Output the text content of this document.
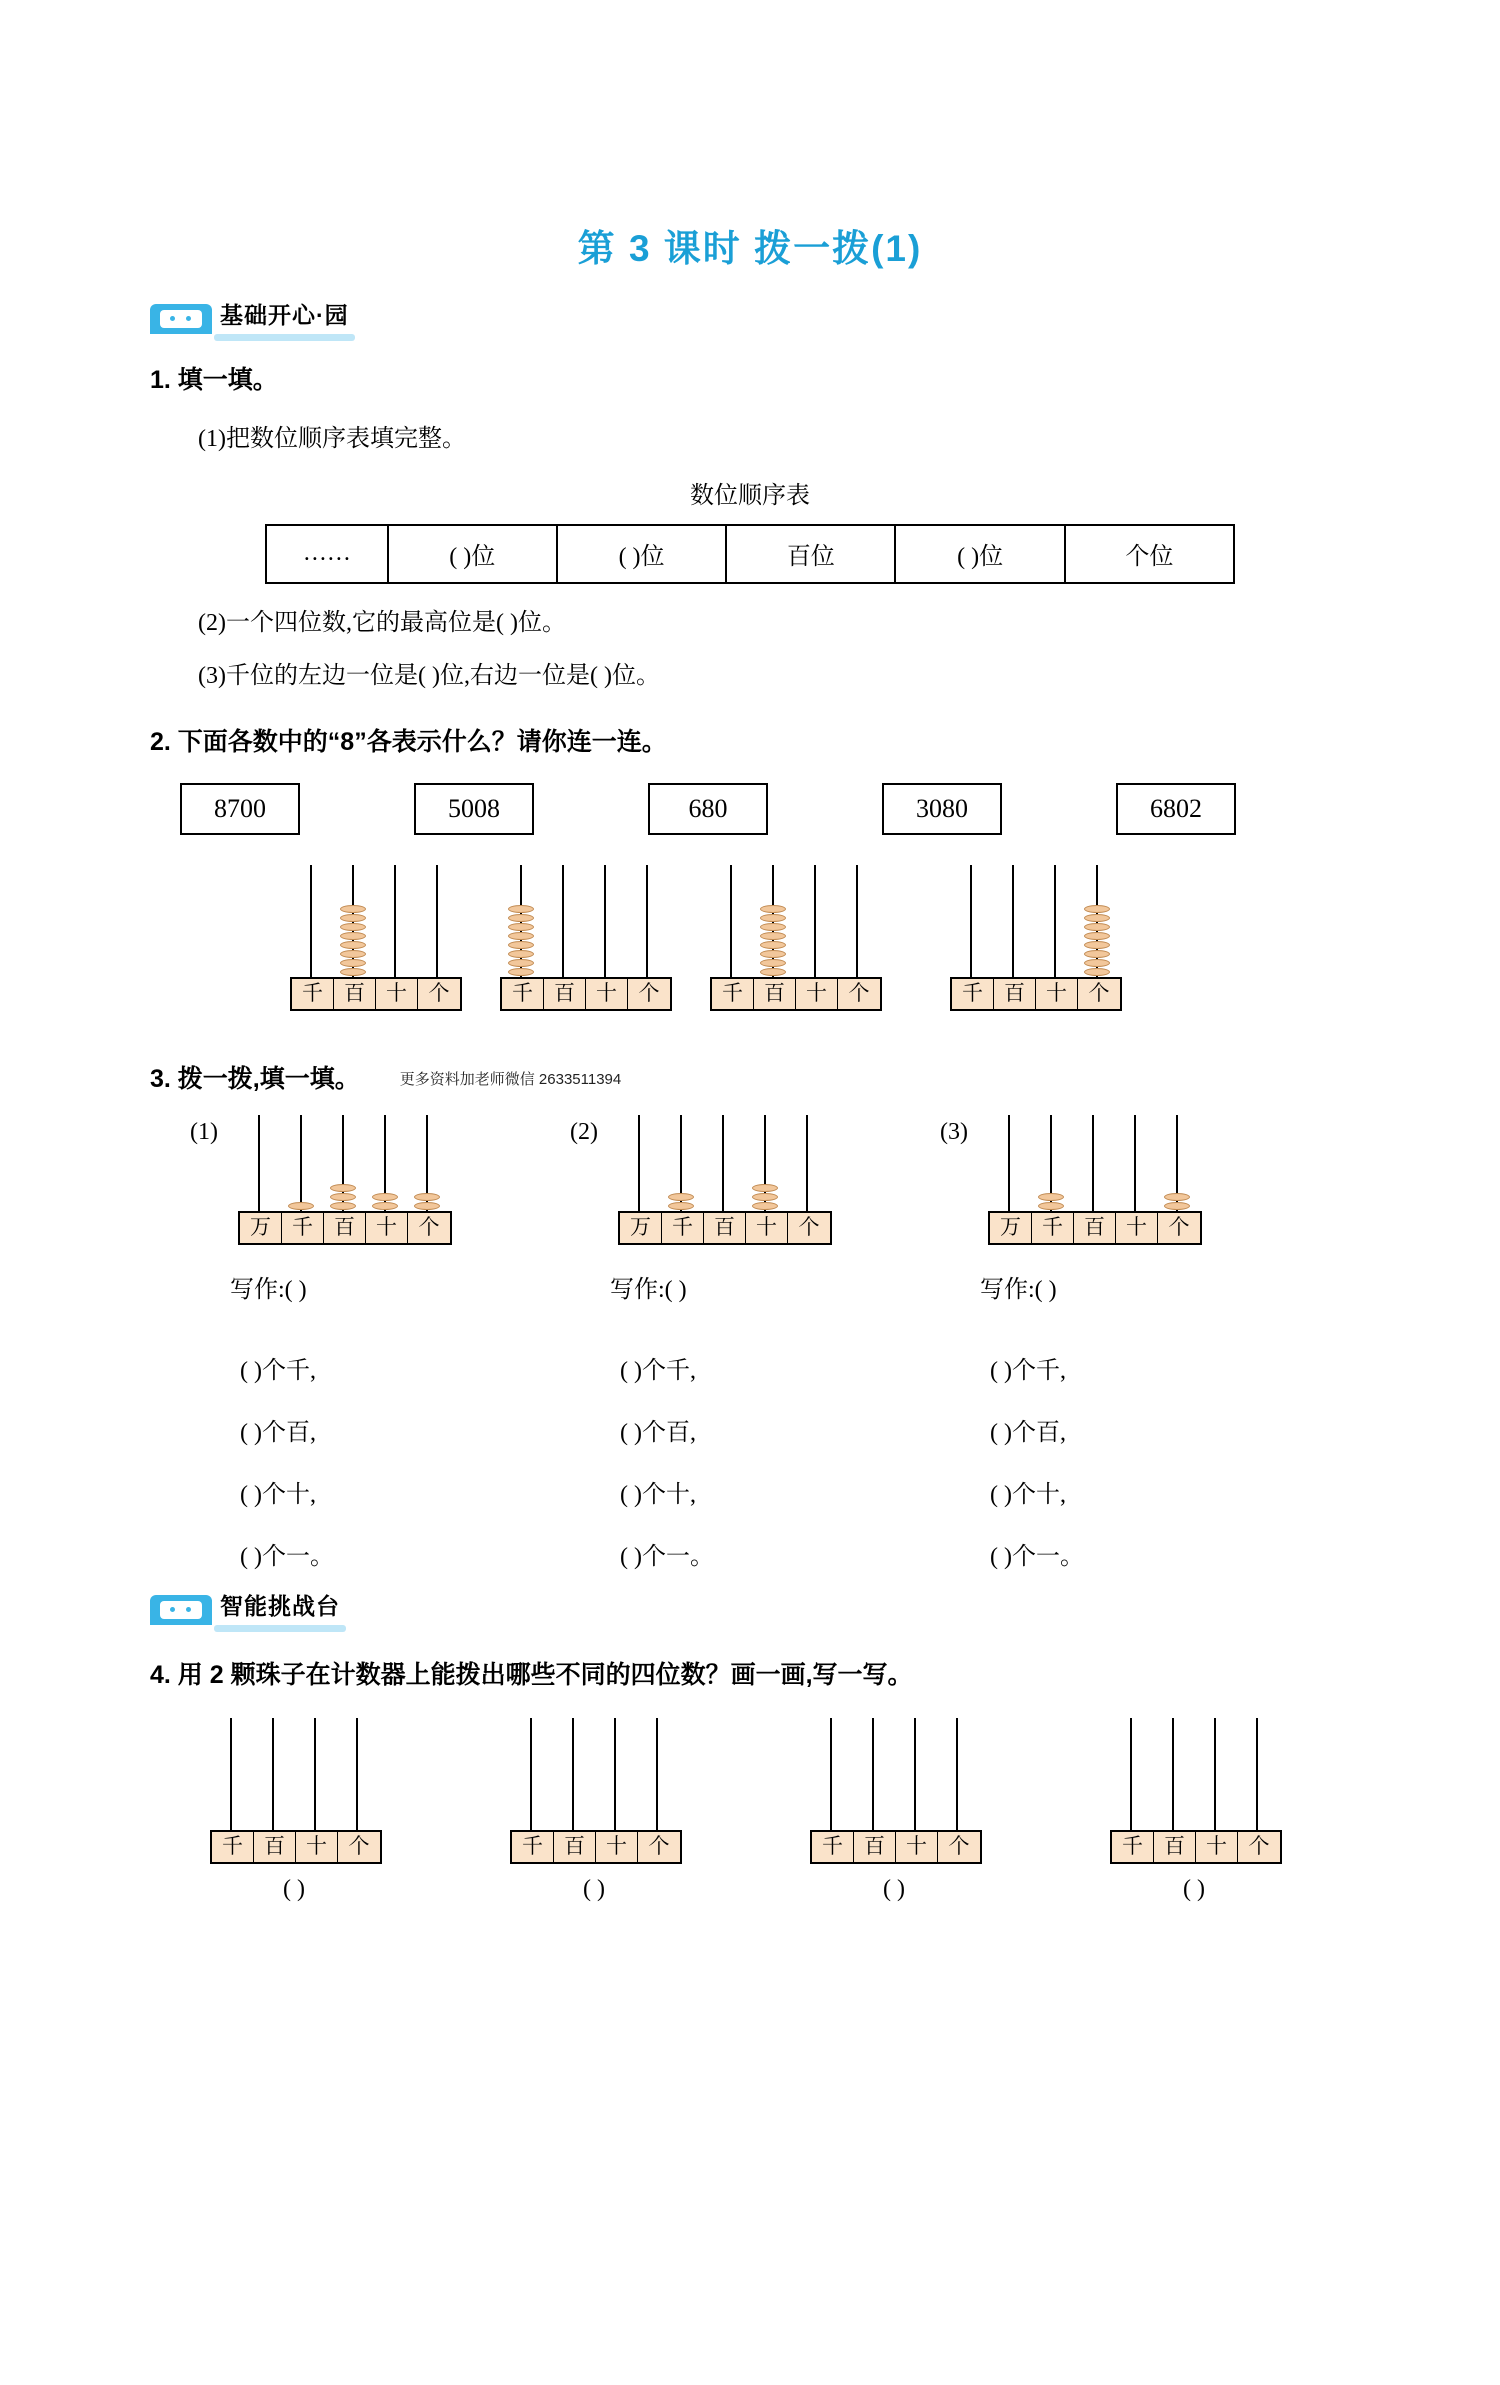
第 3 课时 拨一拨(1)
基础开心·园
1. 填一填。
(1)把数位顺序表填完整。
数位顺序表
……	( )位	( )位	百位	( )位	个位
(2)一个四位数,它的最高位是( )位。
(3)千位的左边一位是( )位,右边一位是( )位。
2. 下面各数中的“8”各表示什么？请你连一连。
8700	5008	680	3080	6802
千	百	十	个	千	百	十	个	千	百	十	个	千	百	十	个
3. 拨一拨,填一填。	更多资料加老师微信 2633511394
(1)
万	千	百	十	个
写作:( )
( )个千,
( )个百,
( )个十,
( )个一。
(2)
万	千	百	十	个
写作:( )
( )个千,
( )个百,
( )个十,
( )个一。
(3)
万	千	百	十	个
写作:( )
( )个千,
( )个百,
( )个十,
( )个一。
智能挑战台
4. 用 2 颗珠子在计数器上能拨出哪些不同的四位数？画一画,写一写。
千	百	十	个
( )
千	百	十	个
( )
千	百	十	个
( )
千	百	十	个
( )
